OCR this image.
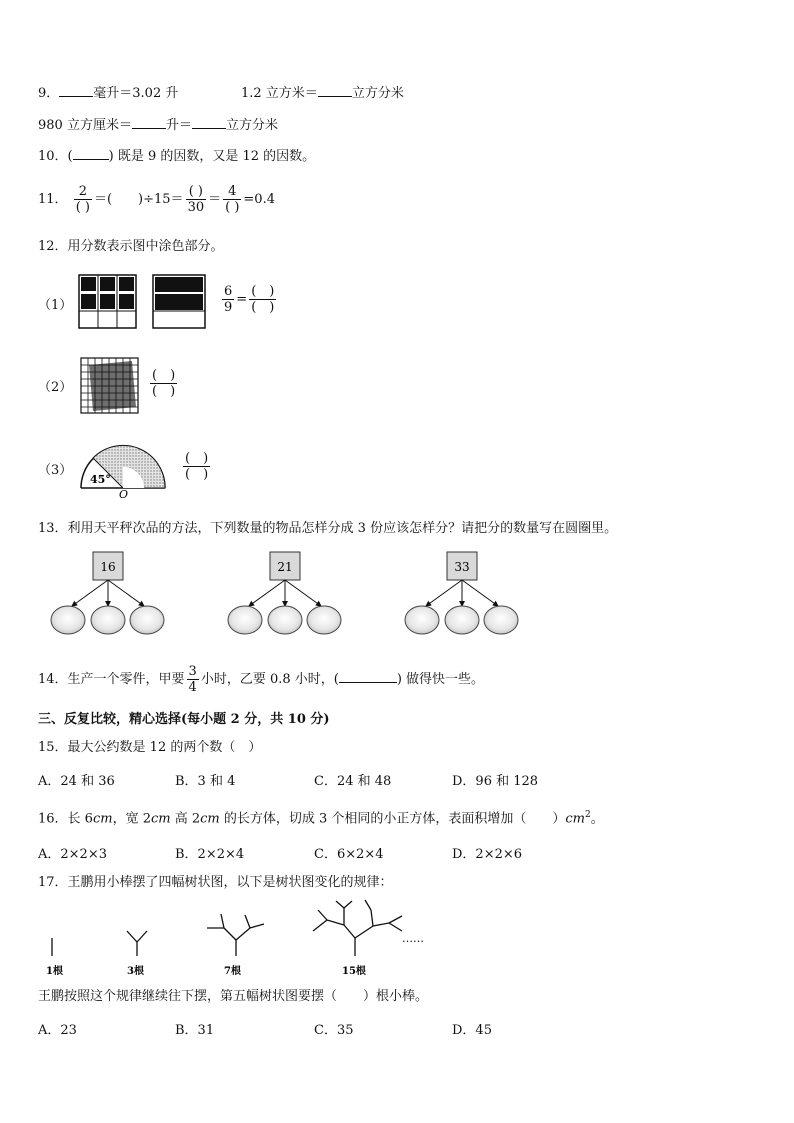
9．	毫升＝3.02 升	1.2 立方米＝	立方分米
980 立方厘米＝	升＝	立方分米
10．(	) 既是 9 的因数，又是 12 的因数。
11． $\frac{2}{( )}$ ＝(　　)$\div 15= \frac{( )}{30} = \frac{4}{( )} =0.4$
12．用分数表示图中涂色部分。
（1）	$\frac{6}{9} = \frac{( )}{( )}$
（2）	$\frac{( )}{( )}$
（3）
45°
O
$\frac{( )}{( )}$
13．利用天平秤次品的方法，下列数量的物品怎样分成 3 份应该怎样分？请把分的数量写在圆圈里。
16	21	33
14．生产一个零件，甲要 $\frac{3}{4}$ 小时，乙要 0.8 小时，(	) 做得快一些。
三、反复比较，精心选择(每小题 2 分，共 10 分)
15．最大公约数是 12 的两个数（　）
A．24 和 36	B．3 和 4	C．24 和 48	D．96 和 128
16．长 6cm，宽 2cm 高 2cm 的长方体，切成 3 个相同的小正方体，表面积增加（　　）$cm^2$。
A．2×2×3	B．2×2×4	C．6×2×4	D．2×2×6
17．王鹏用小棒摆了四幅树状图，以下是树状图变化的规律：
……
1根	3根	7根	15根
王鹏按照这个规律继续往下摆，第五幅树状图要摆（　　）根小棒。
A．23	B．31	C．35	D．45
